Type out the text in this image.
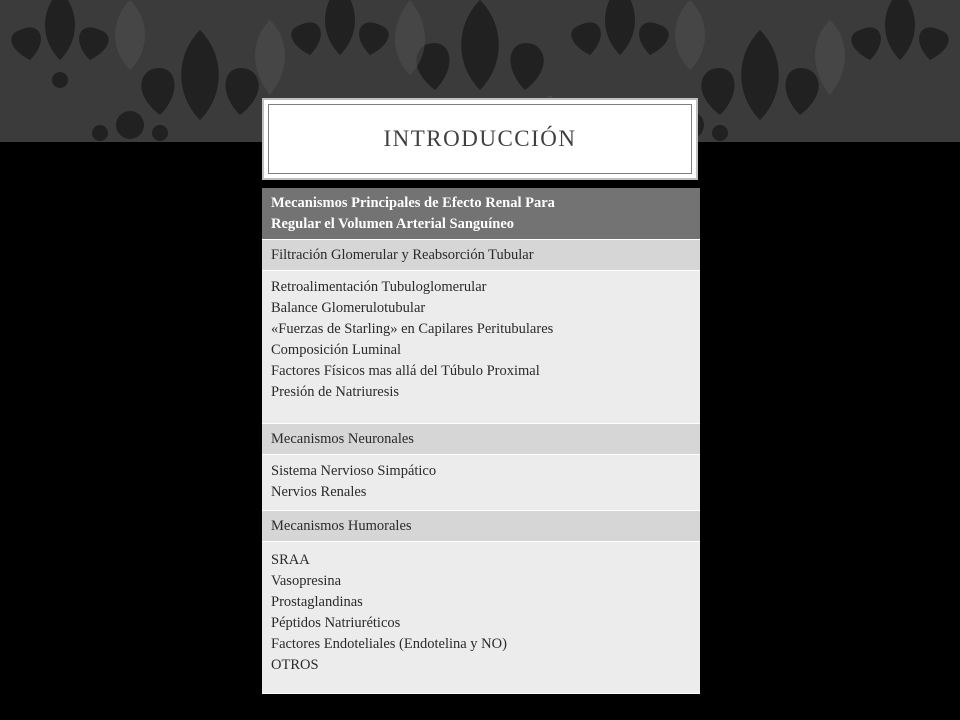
INTRODUCCIÓN
Mecanismos Principales de Efecto Renal Para
Regular el Volumen Arterial Sanguíneo
Filtración Glomerular y Reabsorción Tubular
Retroalimentación Tubuloglomerular
Balance Glomerulotubular
«Fuerzas de Starling» en Capilares Peritubulares
Composición Luminal
Factores Físicos mas allá del Túbulo Proximal
Presión de Natriuresis
Mecanismos Neuronales
Sistema Nervioso Simpático
Nervios Renales
Mecanismos Humorales
SRAA
Vasopresina
Prostaglandinas
Péptidos Natriuréticos
Factores Endoteliales (Endotelina y NO)
OTROS
